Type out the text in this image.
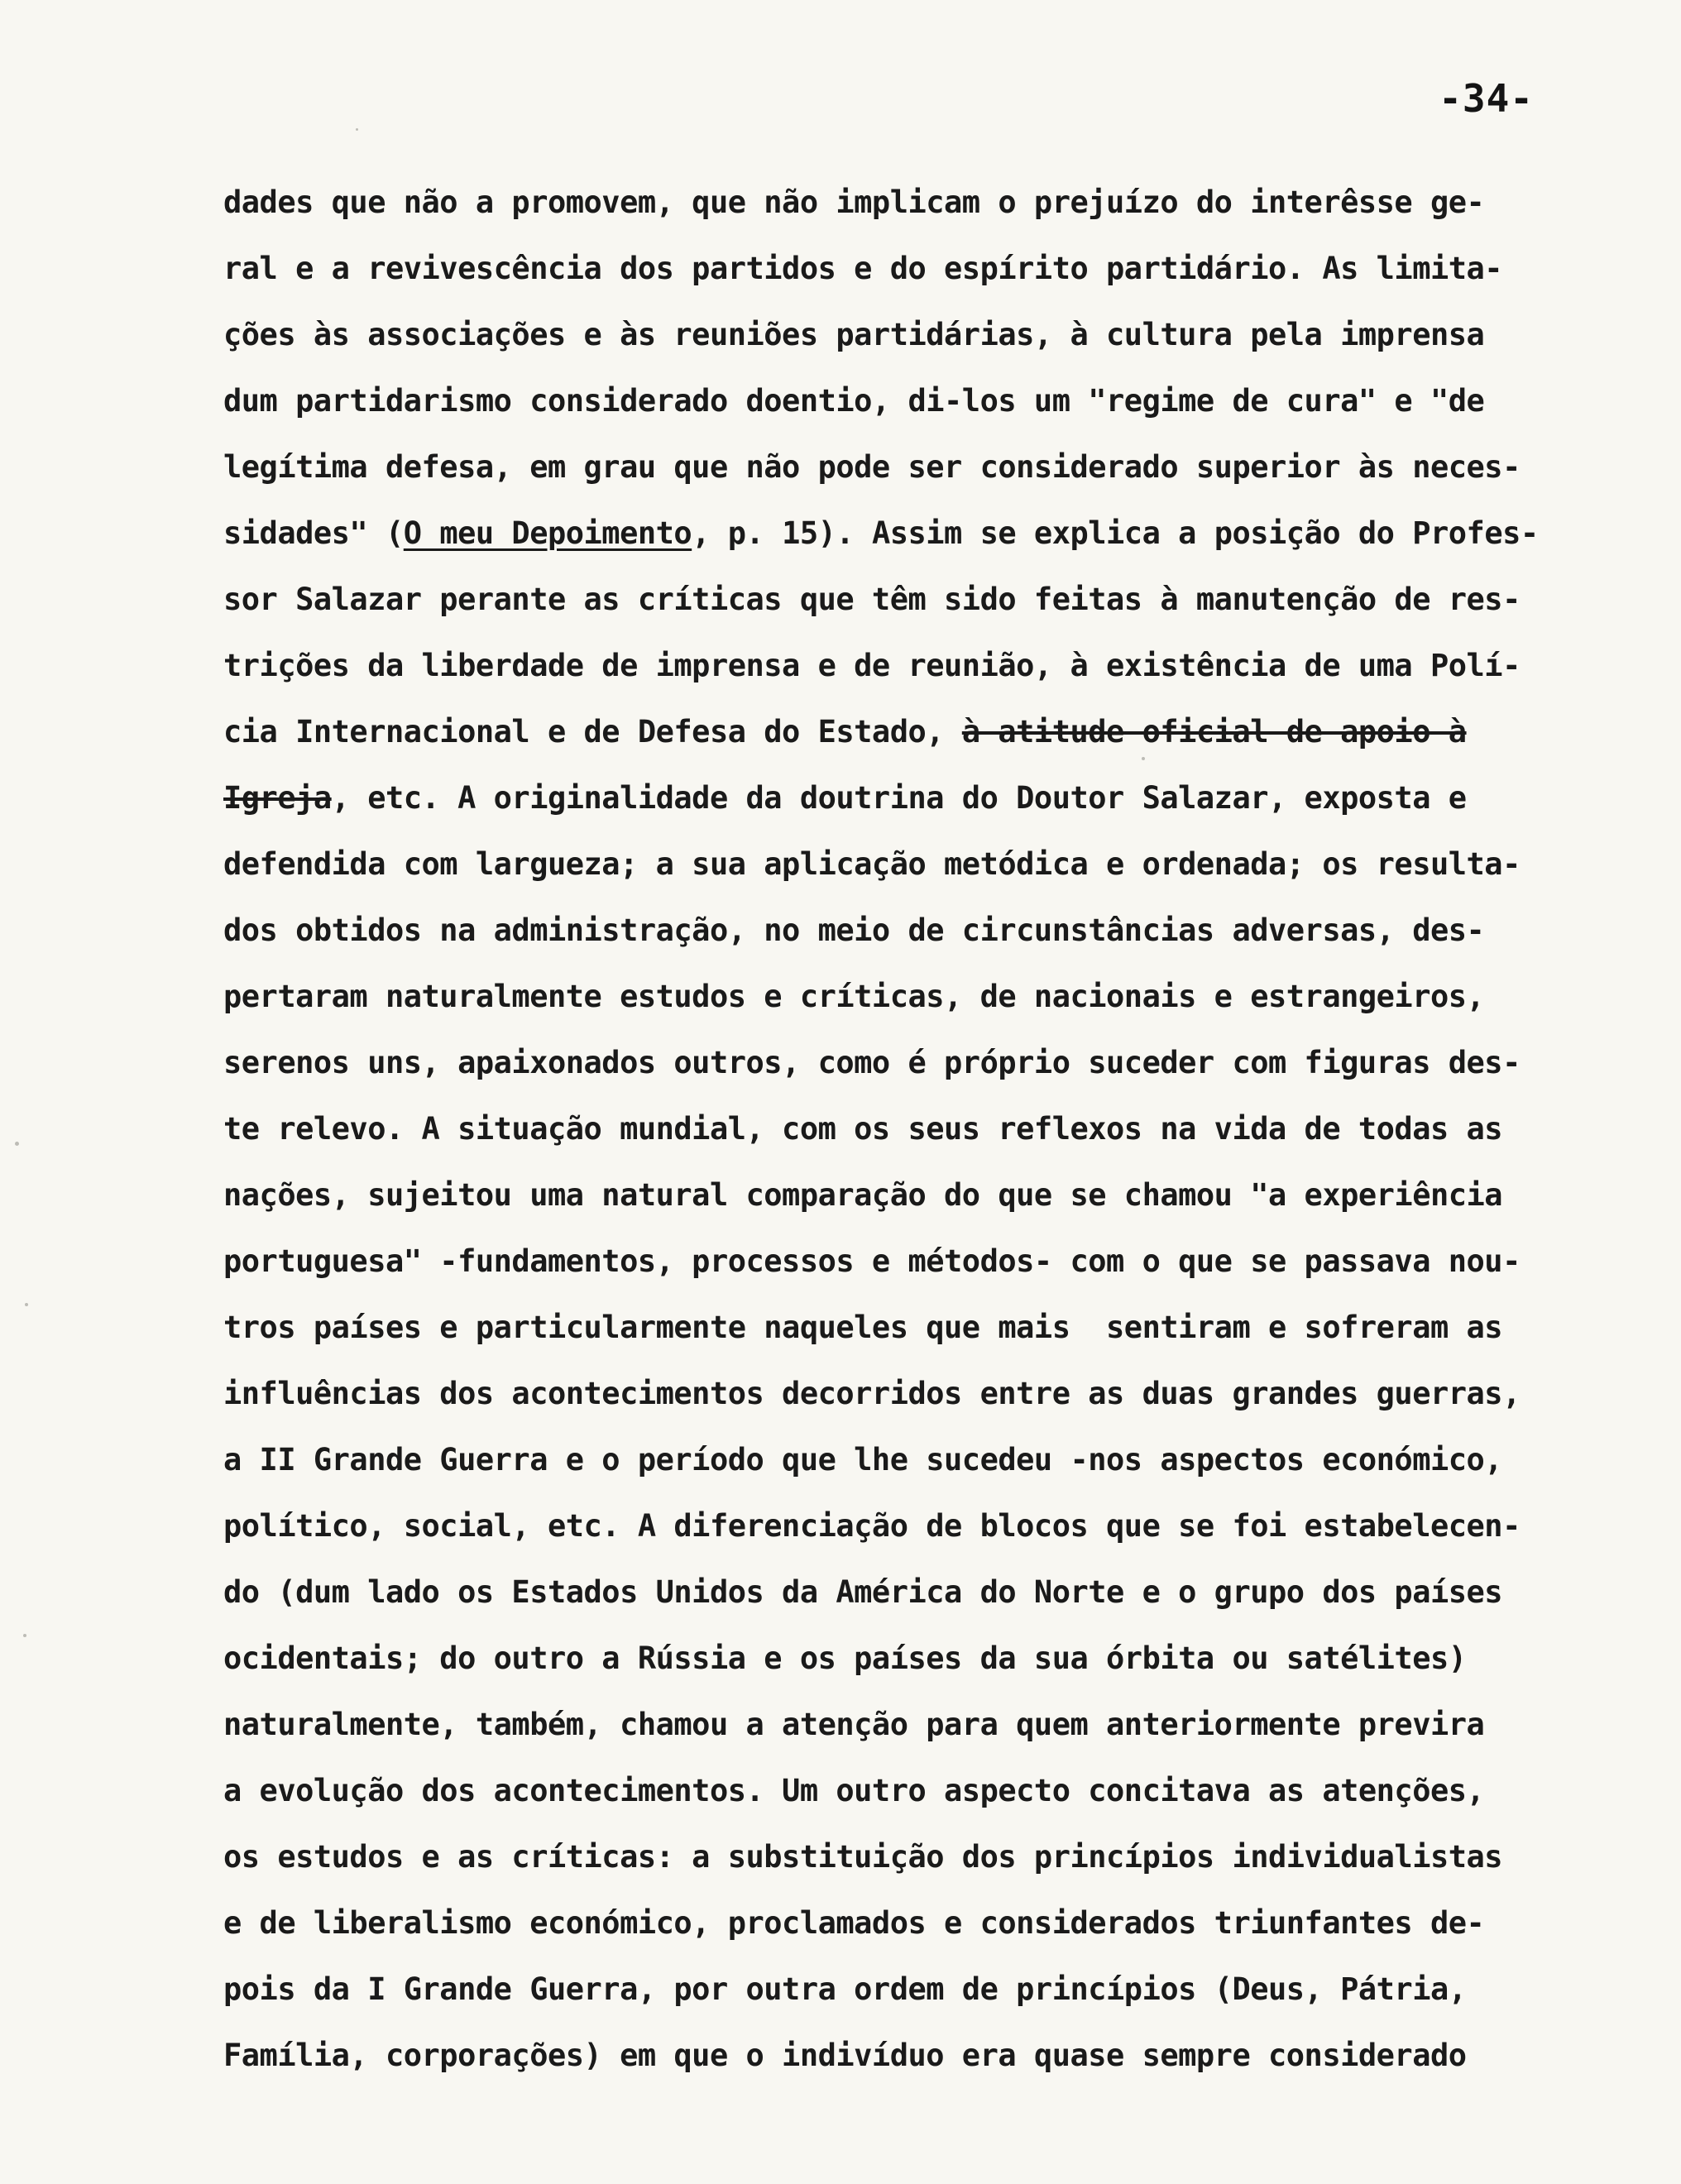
-34-
dades que não a promovem, que não implicam o prejuízo do interêsse ge-
ral e a revivescência dos partidos e do espírito partidário. As limita-
ções às associações e às reuniões partidárias, à cultura pela imprensa
dum partidarismo considerado doentio, di-los um "regime de cura" e "de
legítima defesa, em grau que não pode ser considerado superior às neces-
sidades" (O meu Depoimento, p. 15). Assim se explica a posição do Profes-
sor Salazar perante as críticas que têm sido feitas à manutenção de res-
trições da liberdade de imprensa e de reunião, à existência de uma Polí-
cia Internacional e de Defesa do Estado, à atitude oficial de apoio à
Igreja, etc. A originalidade da doutrina do Doutor Salazar, exposta e
defendida com largueza; a sua aplicação metódica e ordenada; os resulta-
dos obtidos na administração, no meio de circunstâncias adversas, des-
pertaram naturalmente estudos e críticas, de nacionais e estrangeiros,
serenos uns, apaixonados outros, como é próprio suceder com figuras des-
te relevo. A situação mundial, com os seus reflexos na vida de todas as
nações, sujeitou uma natural comparação do que se chamou "a experiência
portuguesa" -fundamentos, processos e métodos- com o que se passava nou-
tros países e particularmente naqueles que mais  sentiram e sofreram as
influências dos acontecimentos decorridos entre as duas grandes guerras,
a II Grande Guerra e o período que lhe sucedeu -nos aspectos económico,
político, social, etc. A diferenciação de blocos que se foi estabelecen-
do (dum lado os Estados Unidos da América do Norte e o grupo dos países
ocidentais; do outro a Rússia e os países da sua órbita ou satélites)
naturalmente, também, chamou a atenção para quem anteriormente previra
a evolução dos acontecimentos. Um outro aspecto concitava as atenções,
os estudos e as críticas: a substituição dos princípios individualistas
e de liberalismo económico, proclamados e considerados triunfantes de-
pois da I Grande Guerra, por outra ordem de princípios (Deus, Pátria,
Família, corporações) em que o indivíduo era quase sempre considerado
